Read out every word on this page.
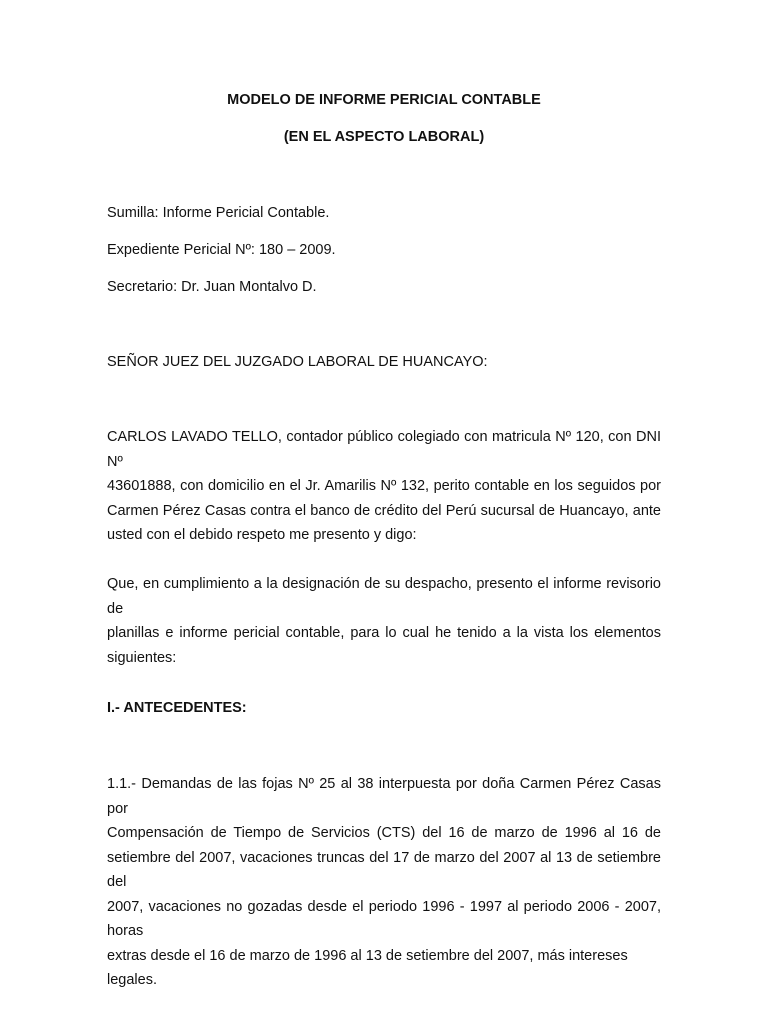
MODELO DE INFORME PERICIAL CONTABLE
(EN EL ASPECTO LABORAL)
Sumilla: Informe Pericial Contable.
Expediente Pericial Nº: 180 – 2009.
Secretario: Dr. Juan Montalvo D.
SEÑOR JUEZ DEL JUZGADO LABORAL DE HUANCAYO:
CARLOS LAVADO TELLO, contador público colegiado con matricula Nº 120, con DNI Nº
43601888, con domicilio en el Jr. Amarilis Nº 132, perito contable en los seguidos por
Carmen Pérez Casas contra el banco de crédito del Perú sucursal de Huancayo, ante
usted con el debido respeto me presento y digo:
Que, en cumplimiento a la designación de su despacho, presento el informe revisorio de
planillas e informe pericial contable, para lo cual he tenido a la vista los elementos
siguientes:
I.- ANTECEDENTES:
1.1.- Demandas de las fojas Nº 25 al 38 interpuesta por doña Carmen Pérez Casas por
Compensación de Tiempo de Servicios (CTS) del 16 de marzo de 1996 al 16 de
setiembre del 2007, vacaciones truncas del 17 de marzo del 2007 al 13 de setiembre del
2007, vacaciones no gozadas desde el periodo 1996 - 1997 al periodo 2006 - 2007, horas
extras desde el 16 de marzo de 1996 al 13 de setiembre del 2007, más intereses legales.
